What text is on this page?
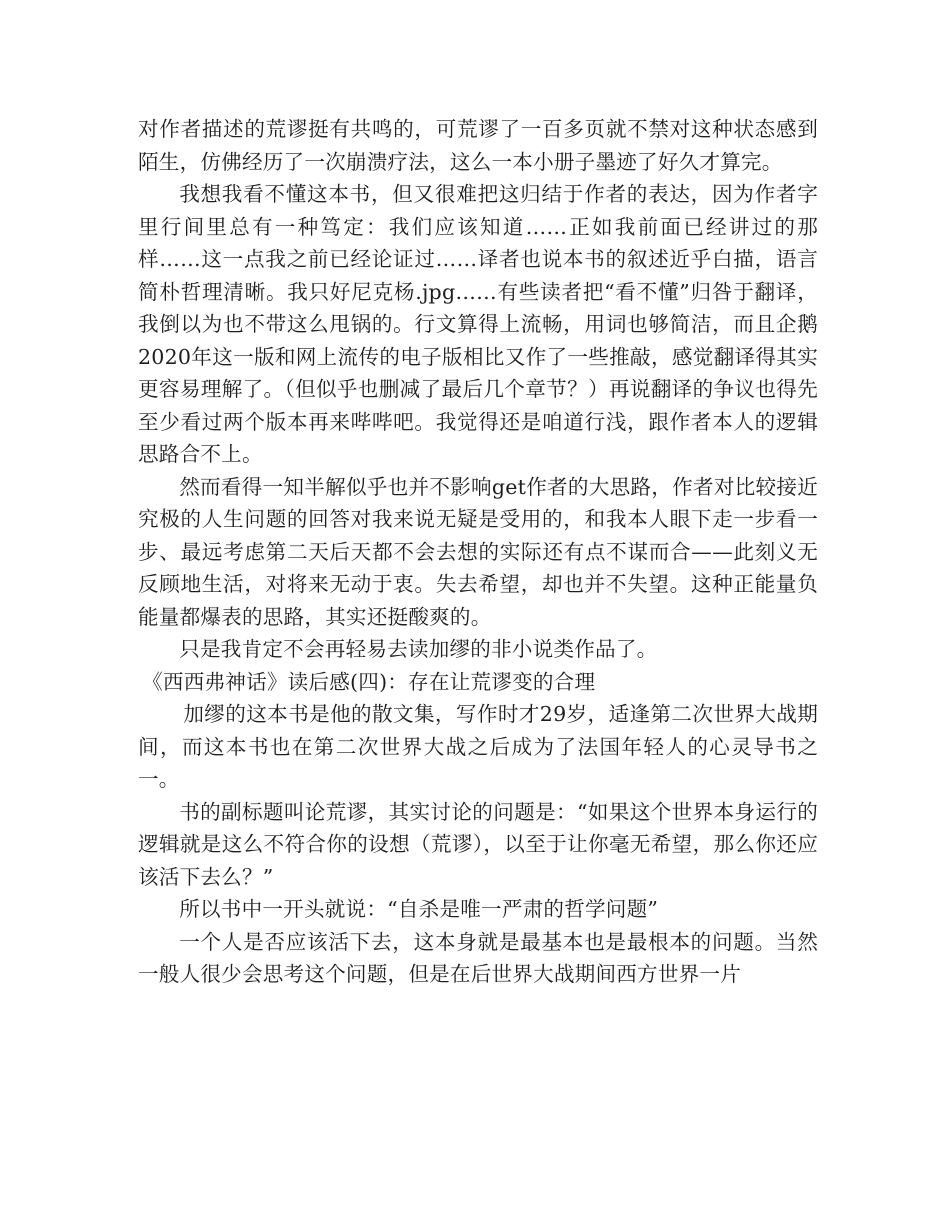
对作者描述的荒谬挺有共鸣的，可荒谬了一百多页就不禁对这种状态感到陌生，仿佛经历了一次崩溃疗法，这么一本小册子墨迹了好久才算完。

我想我看不懂这本书，但又很难把这归结于作者的表达，因为作者字里行间里总有一种笃定：我们应该知道……正如我前面已经讲过的那样……这一点我之前已经论证过……译者也说本书的叙述近乎白描，语言简朴哲理清晰。我只好尼克杨.jpg……有些读者把“看不懂”归咎于翻译，我倒以为也不带这么甩锅的。行文算得上流畅，用词也够简洁，而且企鹅2020年这一版和网上流传的电子版相比又作了一些推敲，感觉翻译得其实更容易理解了。（但似乎也删减了最后几个章节？）再说翻译的争议也得先至少看过两个版本再来哔哔吧。我觉得还是咱道行浅，跟作者本人的逻辑思路合不上。

然而看得一知半解似乎也并不影响get作者的大思路，作者对比较接近究极的人生问题的回答对我来说无疑是受用的，和我本人眼下走一步看一步、最远考虑第二天后天都不会去想的实际还有点不谋而合——此刻义无反顾地生活，对将来无动于衷。失去希望，却也并不失望。这种正能量负能量都爆表的思路，其实还挺酸爽的。

只是我肯定不会再轻易去读加缪的非小说类作品了。

《西西弗神话》读后感(四)：存在让荒谬变的合理

加缪的这本书是他的散文集，写作时才29岁，适逢第二次世界大战期间，而这本书也在第二次世界大战之后成为了法国年轻人的心灵导书之一。

书的副标题叫论荒谬，其实讨论的问题是：“如果这个世界本身运行的逻辑就是这么不符合你的设想（荒谬），以至于让你毫无希望，那么你还应该活下去么？”

所以书中一开头就说：“自杀是唯一严肃的哲学问题”

一个人是否应该活下去，这本身就是最基本也是最根本的问题。当然一般人很少会思考这个问题，但是在后世界大战期间西方世界一片
